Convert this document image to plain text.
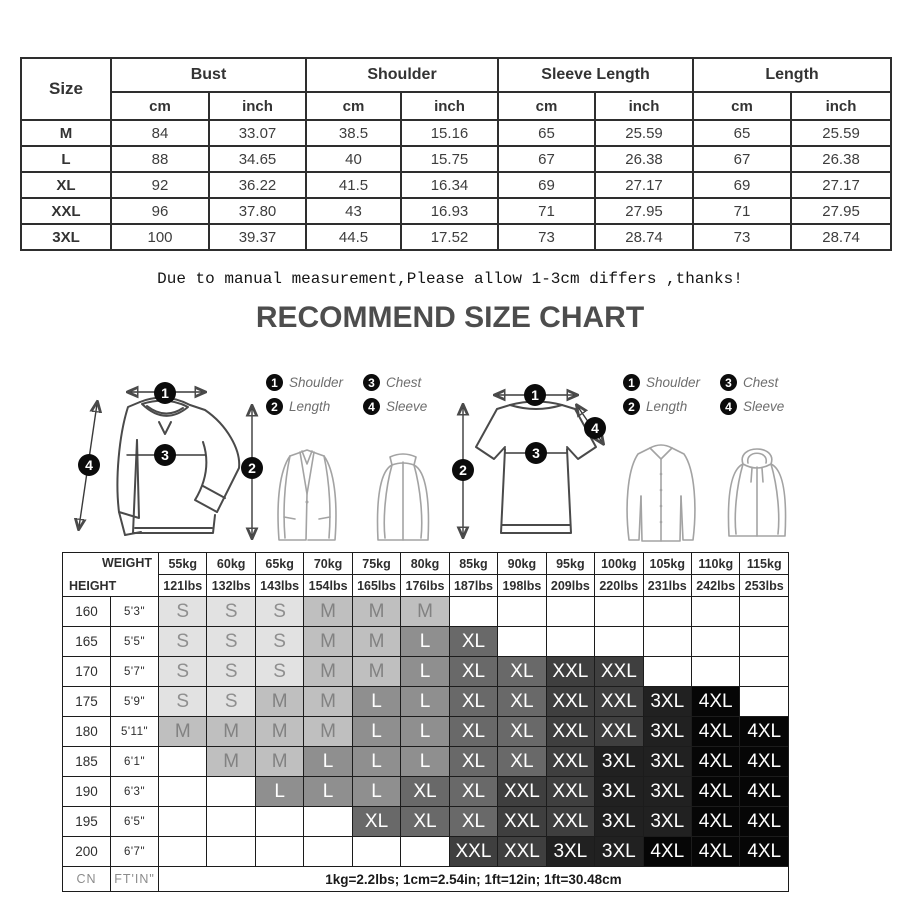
Size	Bust		Shoulder		Sleeve Length		Length	
	cm	inch	cm	inch	cm	inch	cm	inch
M	84	33.07	38.5	15.16	65	25.59	65	25.59
L	88	34.65	40	15.75	67	26.38	67	26.38
XL	92	36.22	41.5	16.34	69	27.17	69	27.17
XXL	96	37.80	43	16.93	71	27.95	71	27.95
3XL	100	39.37	44.5	17.52	73	28.74	73	28.74
Due to manual measurement,Please allow 1-3cm differs ,thanks!
RECOMMEND SIZE CHART
1
3
2
4
1 Shoulder	3 Chest
2 Length	4 Sleeve
1
3
2
4
1 Shoulder	3 Chest
2 Length	4 Sleeve
WEIGHT
HEIGHT		55kg	60kg	65kg	70kg	75kg	80kg	85kg	90kg	95kg	100kg	105kg	110kg	115kg
		121lbs	132lbs	143lbs	154lbs	165lbs	176lbs	187lbs	198lbs	209lbs	220lbs	231lbs	242lbs	253lbs
160	5'3"	S	S	S	M	M	M							
165	5'5"	S	S	S	M	M	L	XL						
170	5'7"	S	S	S	M	M	L	XL	XL	XXL	XXL			
175	5'9"	S	S	M	M	L	L	XL	XL	XXL	XXL	3XL	4XL	
180	5'11"	M	M	M	M	L	L	XL	XL	XXL	XXL	3XL	4XL	4XL
185	6'1"		M	M	L	L	L	XL	XL	XXL	3XL	3XL	4XL	4XL
190	6'3"			L	L	L	XL	XL	XXL	XXL	3XL	3XL	4XL	4XL
195	6'5"					XL	XL	XL	XXL	XXL	3XL	3XL	4XL	4XL
200	6'7"							XXL	XXL	3XL	3XL	4XL	4XL	4XL
CN	FT'IN"	1kg=2.2lbs; 1cm=2.54in; 1ft=12in; 1ft=30.48cm												
